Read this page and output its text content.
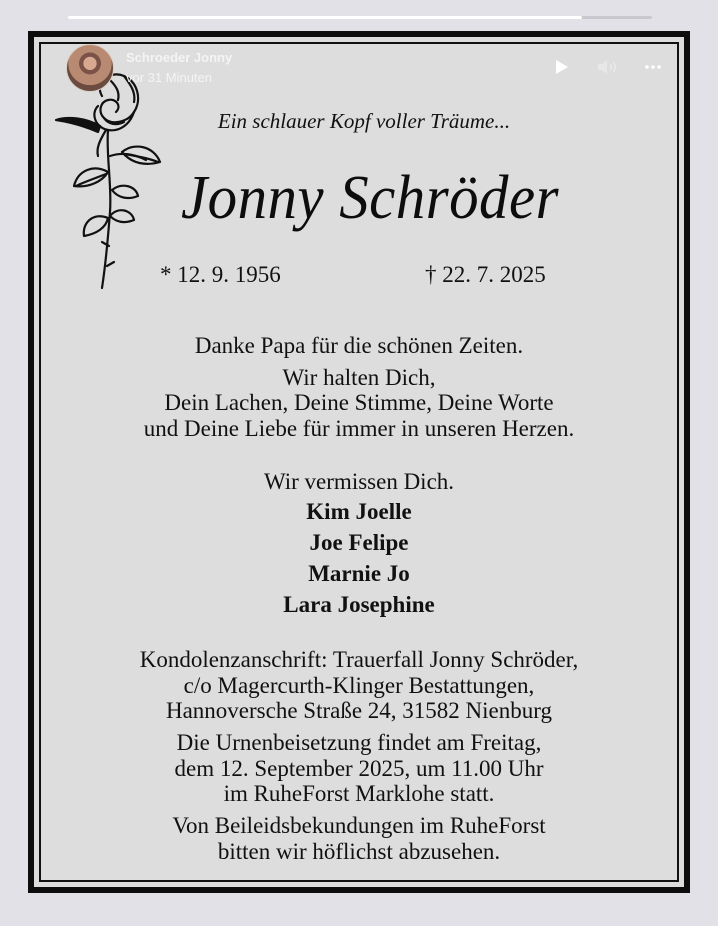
Schroeder Jonny
vor 31 Minuten
Ein schlauer Kopf voller Träume...
Jonny Schröder
* 12. 9. 1956	† 22. 7. 2025
Danke Papa für die schönen Zeiten.
Wir halten Dich,
Dein Lachen, Deine Stimme, Deine Worte
und Deine Liebe für immer in unseren Herzen.
Wir vermissen Dich.
Kim Joelle
Joe Felipe
Marnie Jo
Lara Josephine
Kondolenzanschrift: Trauerfall Jonny Schröder,
c/o Magercurth-Klinger Bestattungen,
Hannoversche Straße 24, 31582 Nienburg
Die Urnenbeisetzung findet am Freitag,
dem 12. September 2025, um 11.00 Uhr
im RuheForst Marklohe statt.
Von Beileidsbekundungen im RuheForst
bitten wir höflichst abzusehen.
